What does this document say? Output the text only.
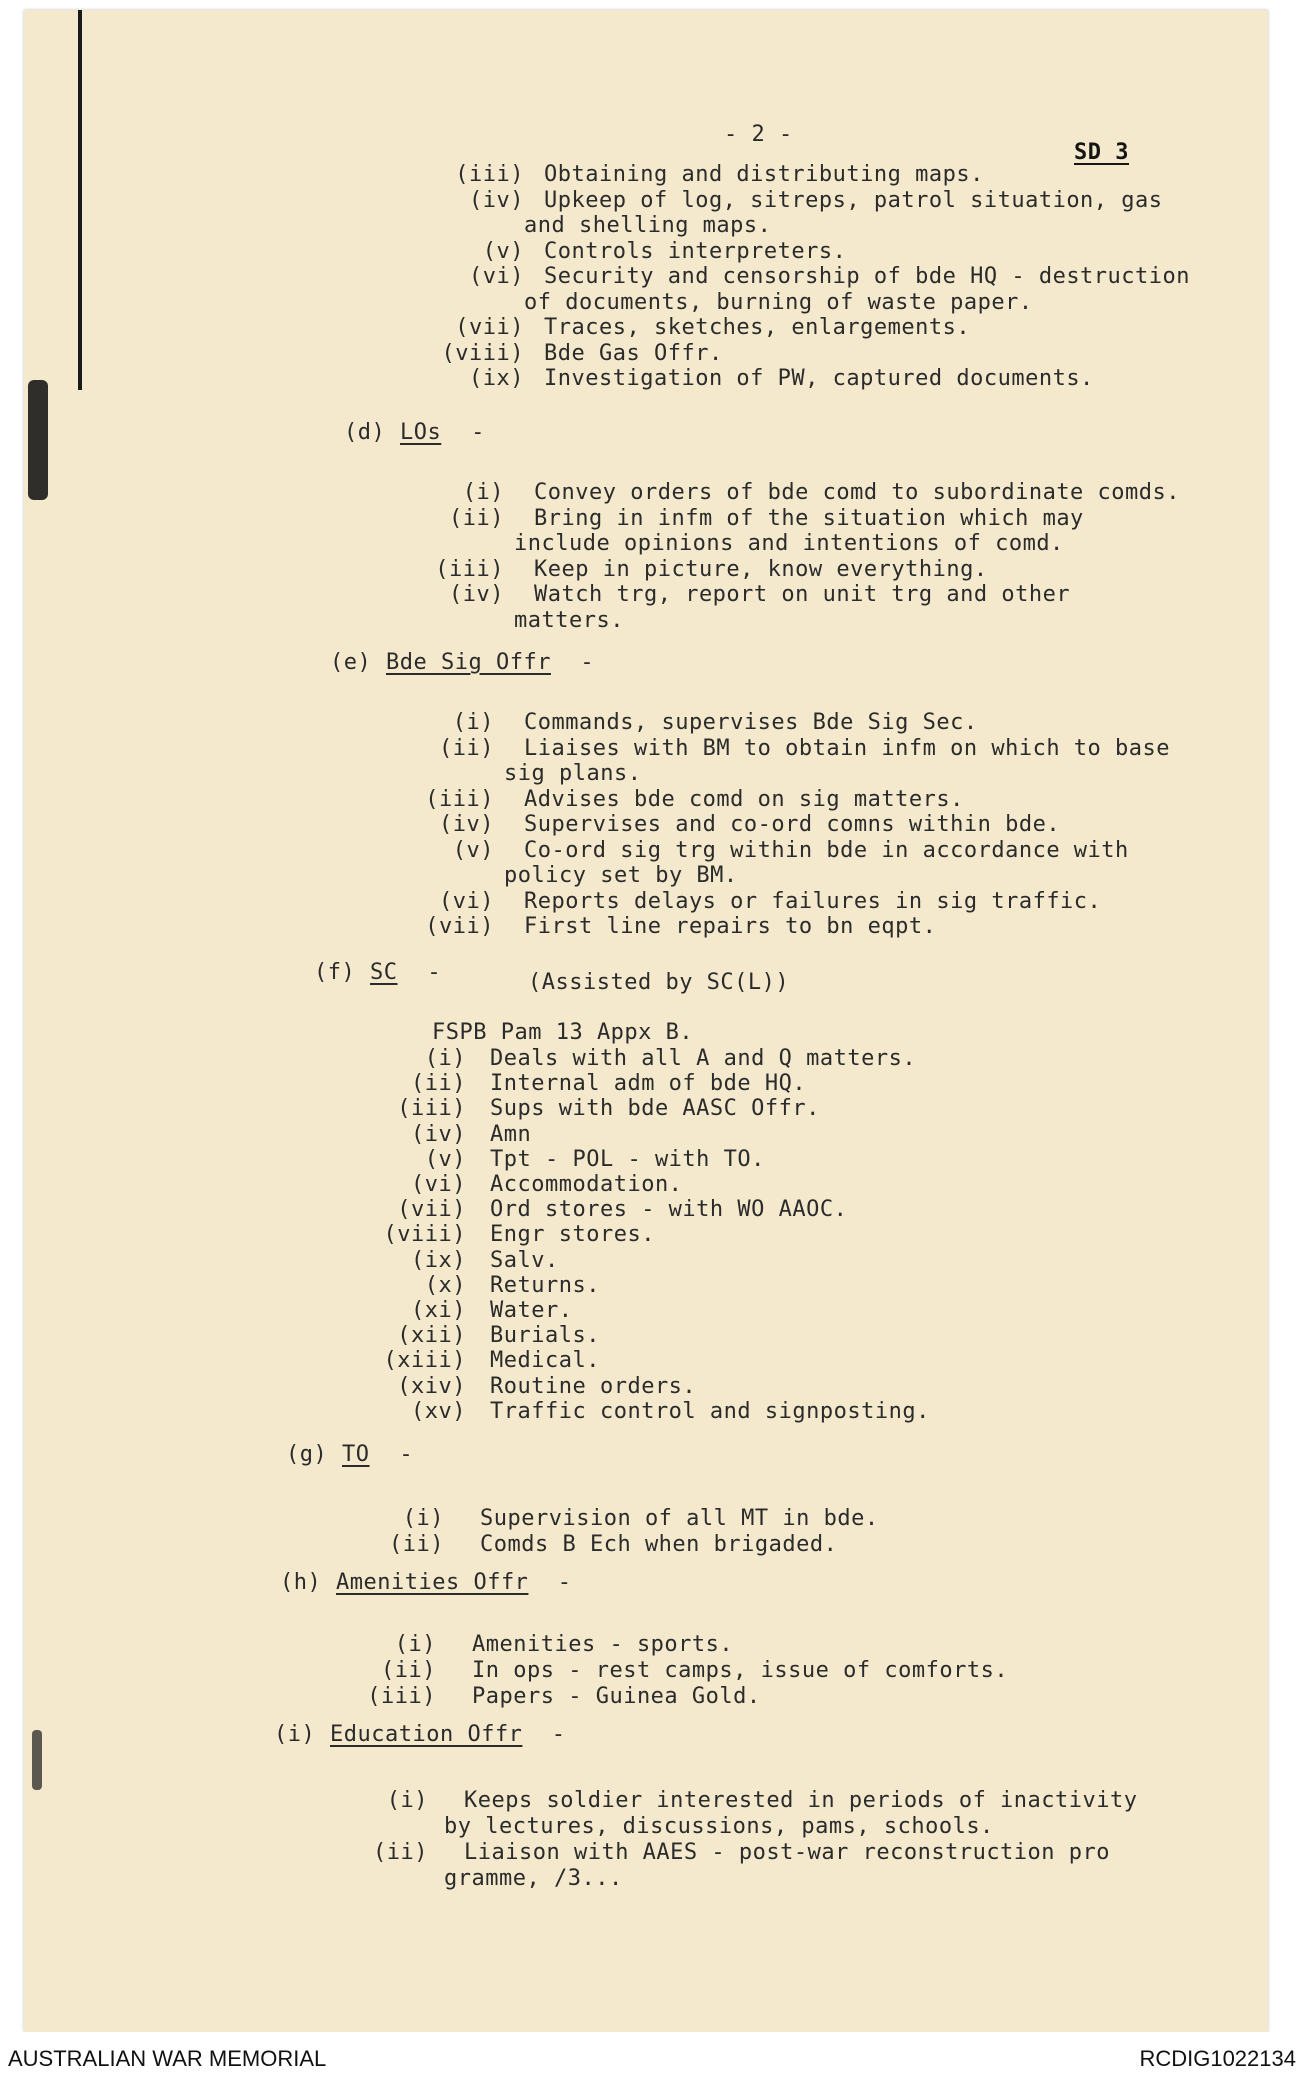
- 2 -
SD 3
(iii) Obtaining and distributing maps.
(iv) Upkeep of log, sitreps, patrol situation, gas
and shelling maps.
(v) Controls interpreters.
(vi) Security and censorship of bde HQ - destruction
of documents, burning of waste paper.
(vii) Traces, sketches, enlargements.
(viii) Bde Gas Offr.
(ix) Investigation of PW, captured documents.
(d) LOs -
(i) Convey orders of bde comd to subordinate comds.
(ii) Bring in infm of the situation which may
include opinions and intentions of comd.
(iii) Keep in picture, know everything.
(iv) Watch trg, report on unit trg and other
matters.
(e) Bde Sig Offr -
(i) Commands, supervises Bde Sig Sec.
(ii) Liaises with BM to obtain infm on which to base
sig plans.
(iii) Advises bde comd on sig matters.
(iv) Supervises and co-ord comns within bde.
(v) Co-ord sig trg within bde in accordance with
policy set by BM.
(vi) Reports delays or failures in sig traffic.
(vii) First line repairs to bn eqpt.
(f) SC -	(Assisted by SC(L))
FSPB Pam 13 Appx B.
(i) Deals with all A and Q matters.
(ii) Internal adm of bde HQ.
(iii) Sups with bde AASC Offr.
(iv) Amn
(v) Tpt - POL - with TO.
(vi) Accommodation.
(vii) Ord stores - with WO AAOC.
(viii) Engr stores.
(ix) Salv.
(x) Returns.
(xi) Water.
(xii) Burials.
(xiii) Medical.
(xiv) Routine orders.
(xv) Traffic control and signposting.
(g) TO -
(i) Supervision of all MT in bde.
(ii) Comds B Ech when brigaded.
(h) Amenities Offr -
(i) Amenities - sports.
(ii) In ops - rest camps, issue of comforts.
(iii) Papers - Guinea Gold.
(i) Education Offr -
(i) Keeps soldier interested in periods of inactivity
by lectures, discussions, pams, schools.
(ii) Liaison with AAES - post-war reconstruction pro
gramme, /3...
AUSTRALIAN WAR MEMORIAL	RCDIG1022134
